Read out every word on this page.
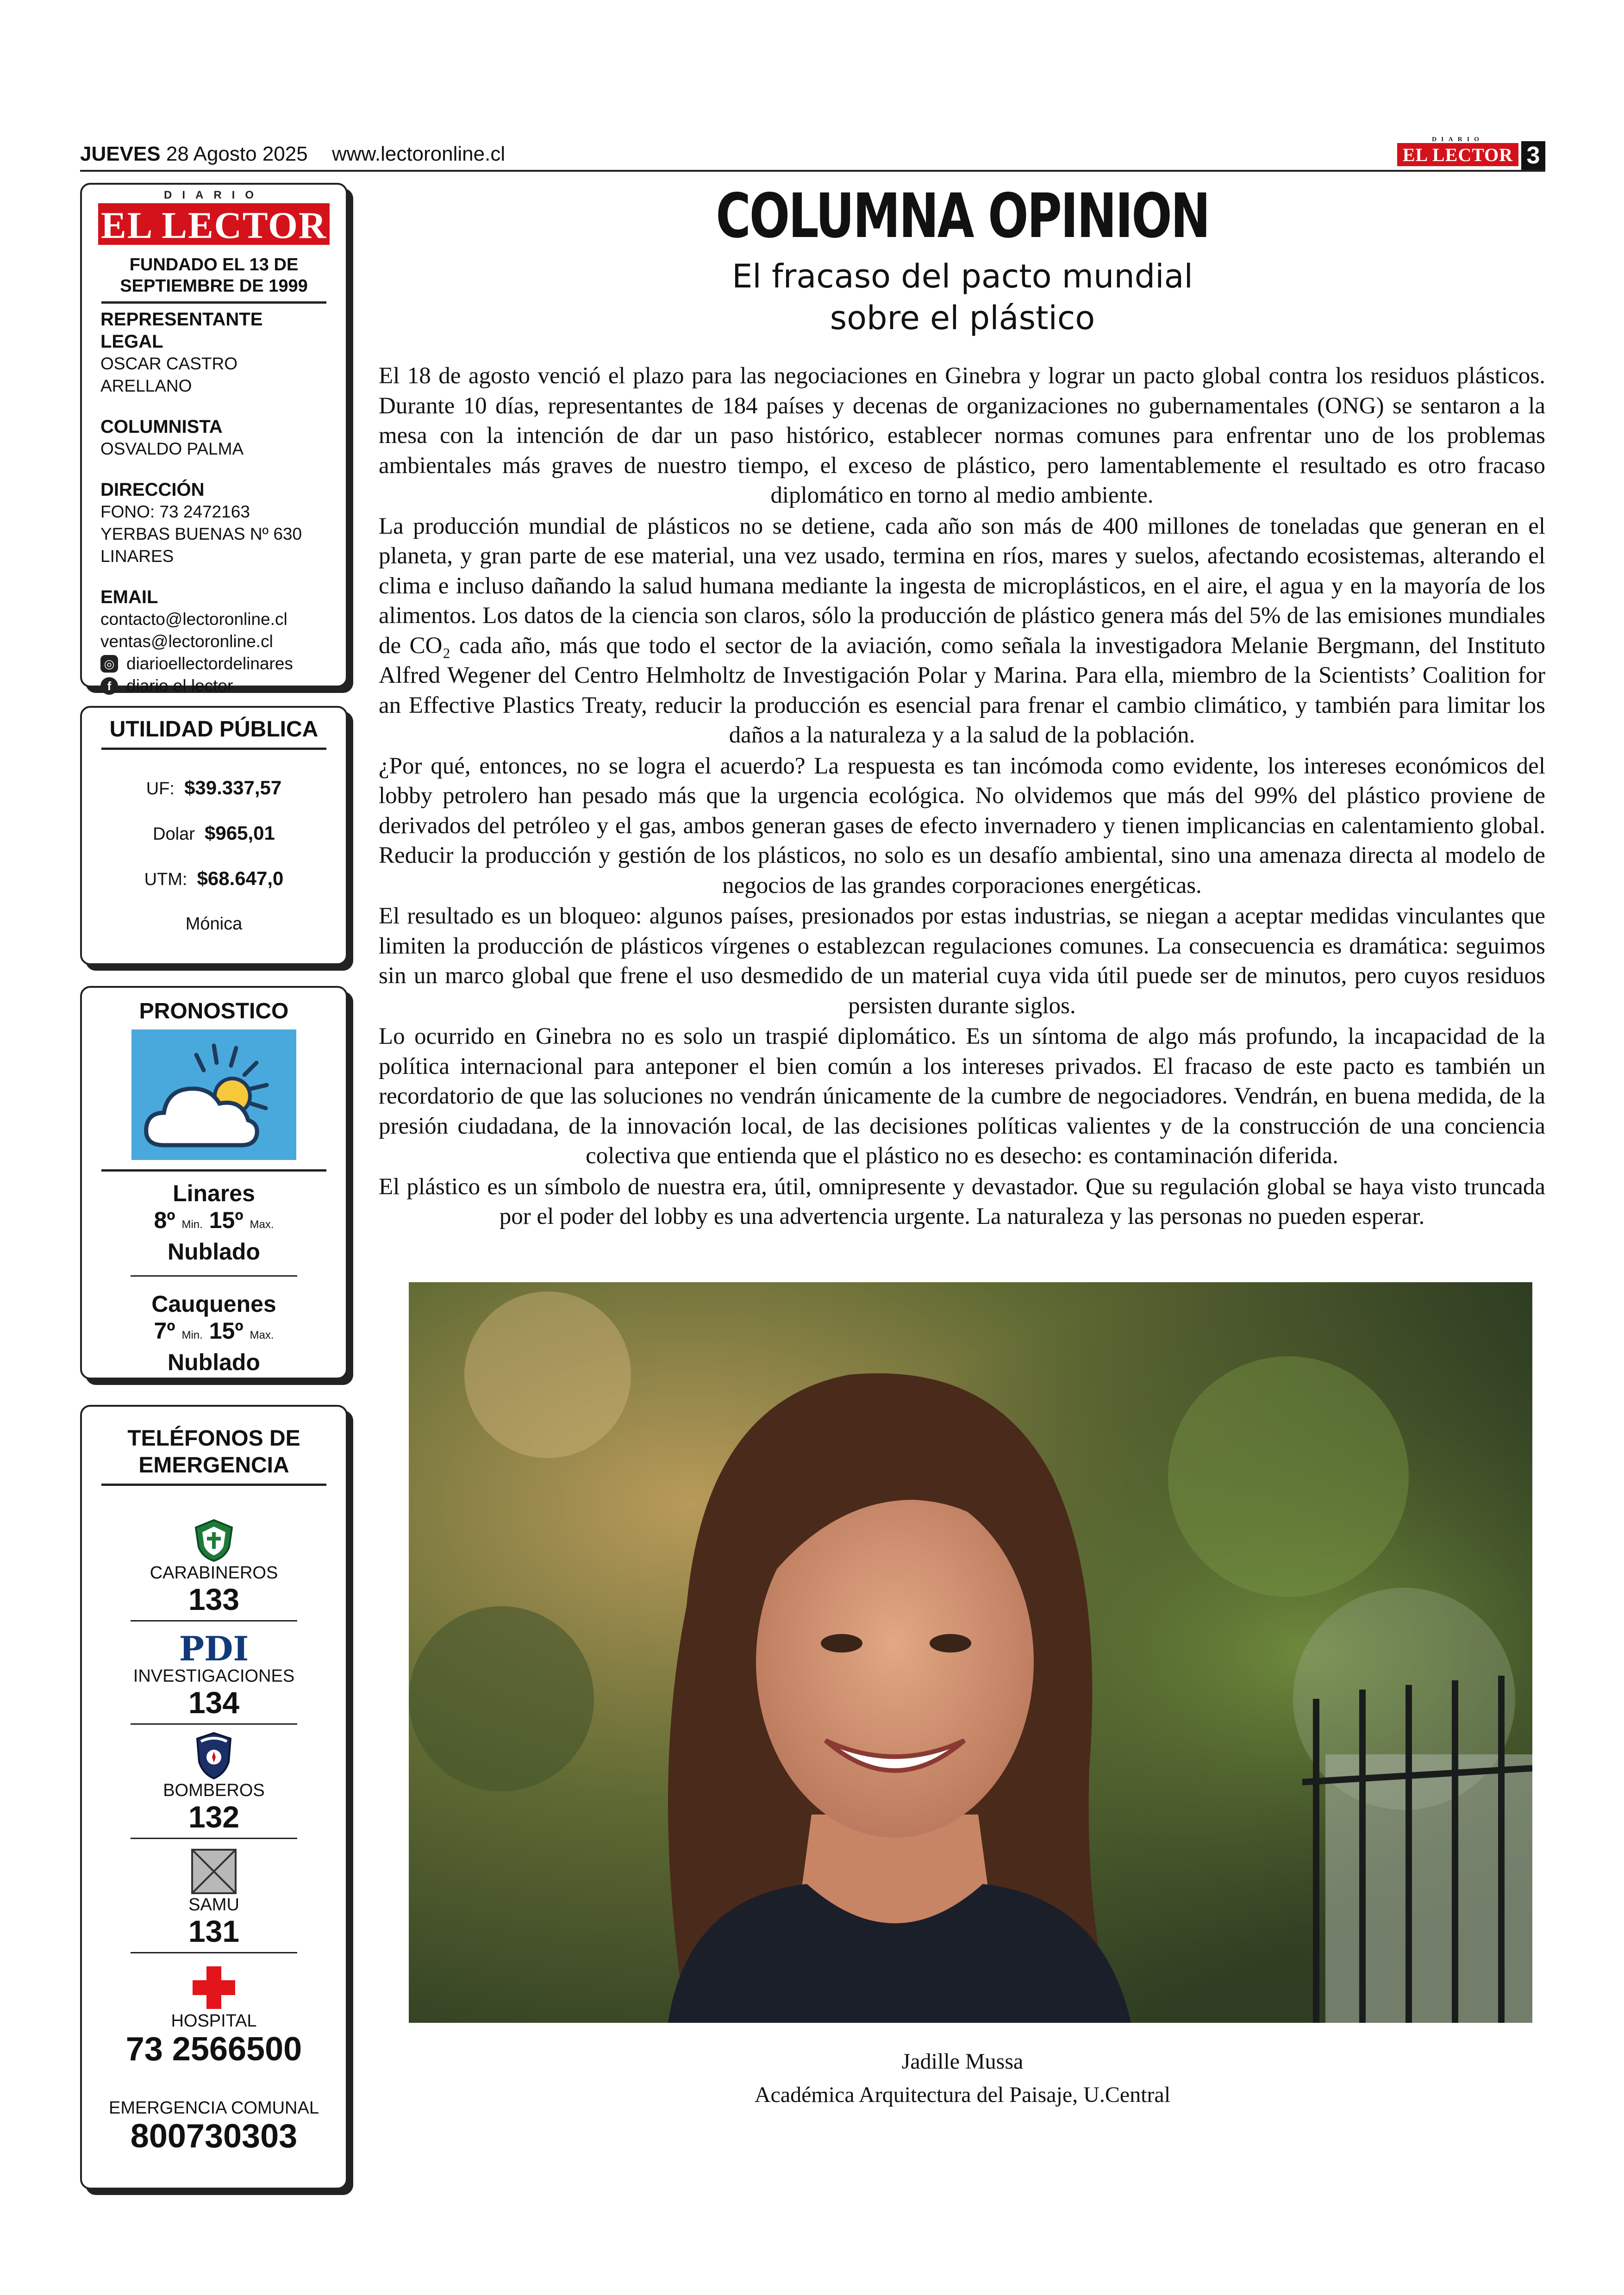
JUEVES 28 Agosto 2025 www.lectoronline.cl
DIARIO
EL LECTOR 3
DIARIO
EL LECTOR
FUNDADO EL 13 DE SEPTIEMBRE DE 1999
REPRESENTANTE LEGAL
OSCAR CASTRO ARELLANO
COLUMNISTA
OSVALDO PALMA
DIRECCIÓN
FONO: 73 2472163
YERBAS BUENAS Nº 630
LINARES
EMAIL
contacto@lectoronline.cl
ventas@lectoronline.cl
◎ diarioellectordelinares
f diario el lector
UTILIDAD PÚBLICA
UF: $39.337,57
Dolar $965,01
UTM: $68.647,0
Mónica
PRONOSTICO
Linares
8º Min. 15º Max.
Nublado
Cauquenes
7º Min. 15º Max.
Nublado
TELÉFONOS DE EMERGENCIA
CARABINEROS
133
PDI
INVESTIGACIONES
134
BOMBEROS
132
SAMU
131
HOSPITAL
73 2566500
EMERGENCIA COMUNAL
800730303
COLUMNA OPINION
El fracaso del pacto mundial
sobre el plástico

El 18 de agosto venció el plazo para las negociaciones en Ginebra y lograr un pacto global contra los residuos plásticos. Durante 10 días, representantes de 184 países y decenas de organizaciones no gubernamentales (ONG) se sentaron a la mesa con la intención de dar un paso histórico, establecer normas comunes para enfrentar uno de los problemas ambientales más graves de nuestro tiempo, el exceso de plástico, pero lamentablemente el resultado es otro fracaso diplomático en torno al medio ambiente.

La producción mundial de plásticos no se detiene, cada año son más de 400 millones de toneladas que generan en el planeta, y gran parte de ese material, una vez usado, termina en ríos, mares y suelos, afectando ecosistemas, alterando el clima e incluso dañando la salud humana mediante la ingesta de microplásticos, en el aire, el agua y en la mayoría de los alimentos. Los datos de la ciencia son claros, sólo la producción de plástico genera más del 5% de las emisiones mundiales de CO₂ cada año, más que todo el sector de la aviación, como señala la investigadora Melanie Bergmann, del Instituto Alfred Wegener del Centro Helmholtz de Investigación Polar y Marina. Para ella, miembro de la Scientists’ Coalition for an Effective Plastics Treaty, reducir la producción es esencial para frenar el cambio climático, y también para limitar los daños a la naturaleza y a la salud de la población.

¿Por qué, entonces, no se logra el acuerdo? La respuesta es tan incómoda como evidente, los intereses económicos del lobby petrolero han pesado más que la urgencia ecológica. No olvidemos que más del 99% del plástico proviene de derivados del petróleo y el gas, ambos generan gases de efecto invernadero y tienen implicancias en calentamiento global. Reducir la producción y gestión de los plásticos, no solo es un desafío ambiental, sino una amenaza directa al modelo de negocios de las grandes corporaciones energéticas.

El resultado es un bloqueo: algunos países, presionados por estas industrias, se niegan a aceptar medidas vinculantes que limiten la producción de plásticos vírgenes o establezcan regulaciones comunes. La consecuencia es dramática: seguimos sin un marco global que frene el uso desmedido de un material cuya vida útil puede ser de minutos, pero cuyos residuos persisten durante siglos.

Lo ocurrido en Ginebra no es solo un traspié diplomático. Es un síntoma de algo más profundo, la incapacidad de la política internacional para anteponer el bien común a los intereses privados. El fracaso de este pacto es también un recordatorio de que las soluciones no vendrán únicamente de la cumbre de negociadores. Vendrán, en buena medida, de la presión ciudadana, de la innovación local, de las decisiones políticas valientes y de la construcción de una conciencia colectiva que entienda que el plástico no es desecho: es contaminación diferida.

El plástico es un símbolo de nuestra era, útil, omnipresente y devastador. Que su regulación global se haya visto truncada por el poder del lobby es una advertencia urgente. La naturaleza y las personas no pueden esperar.

Jadille Mussa
Académica Arquitectura del Paisaje, U.Central
